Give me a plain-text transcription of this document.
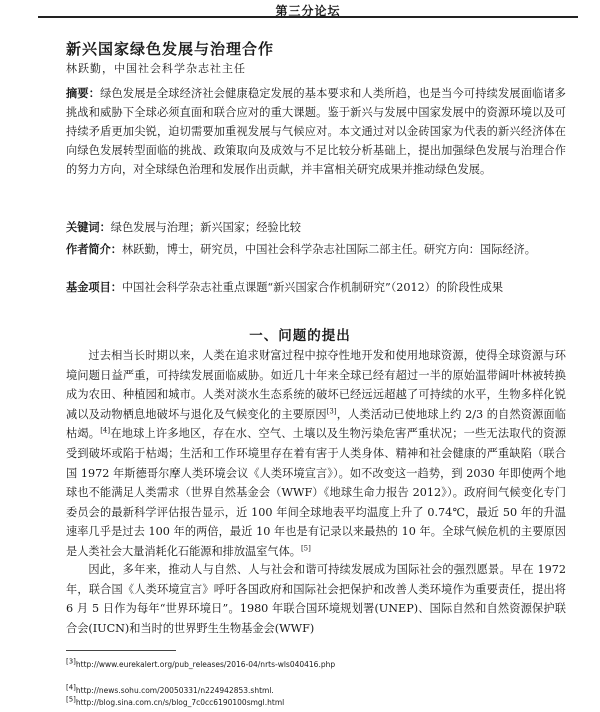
第三分论坛
新兴国家绿色发展与治理合作
林跃勤，中国社会科学杂志社主任
摘要：绿色发展是全球经济社会健康稳定发展的基本要求和人类所趋，也是当今可持续发展面临诸多挑战和威胁下全球必须直面和联合应对的重大课题。鉴于新兴与发展中国家发展中的资源环境以及可持续矛盾更加尖锐，迫切需要加重视发展与气候应对。本文通过对以金砖国家为代表的新兴经济体在向绿色发展转型面临的挑战、政策取向及成效与不足比较分析基础上，提出加强绿色发展与治理合作的努力方向，对全球绿色治理和发展作出贡献，并丰富相关研究成果并推动绿色发展。
关键词：绿色发展与治理；新兴国家；经验比较
作者简介：林跃勤，博士，研究员，中国社会科学杂志社国际二部主任。研究方向：国际经济。
基金项目：中国社会科学杂志社重点课题“新兴国家合作机制研究”（2012）的阶段性成果
一、问题的提出
过去相当长时期以来，人类在追求财富过程中掠夺性地开发和使用地球资源，使得全球资源与环境问题日益严重，可持续发展面临威胁。如近几十年来全球已经有超过一半的原始温带阔叶林被转换成为农田、种植园和城市。人类对淡水生态系统的破坏已经远远超越了可持续的水平，生物多样化锐减以及动物栖息地破坏与退化及气候变化的主要原因[3]，人类活动已使地球上约 2/3 的自然资源面临枯竭。[4]在地球上许多地区，存在水、空气、土壤以及生物污染危害严重状况；一些无法取代的资源受到破坏或陷于枯竭；生活和工作环境里存在着有害于人类身体、精神和社会健康的严重缺陷（联合国 1972 年斯德哥尔摩人类环境会议《人类环境宣言》）。如不改变这一趋势，到 2030 年即使两个地球也不能满足人类需求（世界自然基金会（WWF）《地球生命力报告 2012》）。政府间气候变化专门委员会的最新科学评估报告显示，近 100 年间全球地表平均温度上升了 0.74℃，最近 50 年的升温速率几乎是过去 100 年的两倍，最近 10 年也是有记录以来最热的 10 年。全球气候危机的主要原因是人类社会大量消耗化石能源和排放温室气体。[5]
因此，多年来，推动人与自然、人与社会和谐可持续发展成为国际社会的强烈愿景。早在 1972 年，联合国《人类环境宣言》呼吁各国政府和国际社会把保护和改善人类环境作为重要责任，提出将 6 月 5 日作为每年“世界环境日”。1980 年联合国环境规划署(UNEP)、国际自然和自然资源保护联合会(IUCN)和当时的世界野生生物基金会(WWF)
[3]http://www.eurekalert.org/pub_releases/2016-04/nrts-wls040416.php
[4]http://news.sohu.com/20050331/n224942853.shtml.
[5]http://blog.sina.com.cn/s/blog_7c0cc6190100smgl.html
